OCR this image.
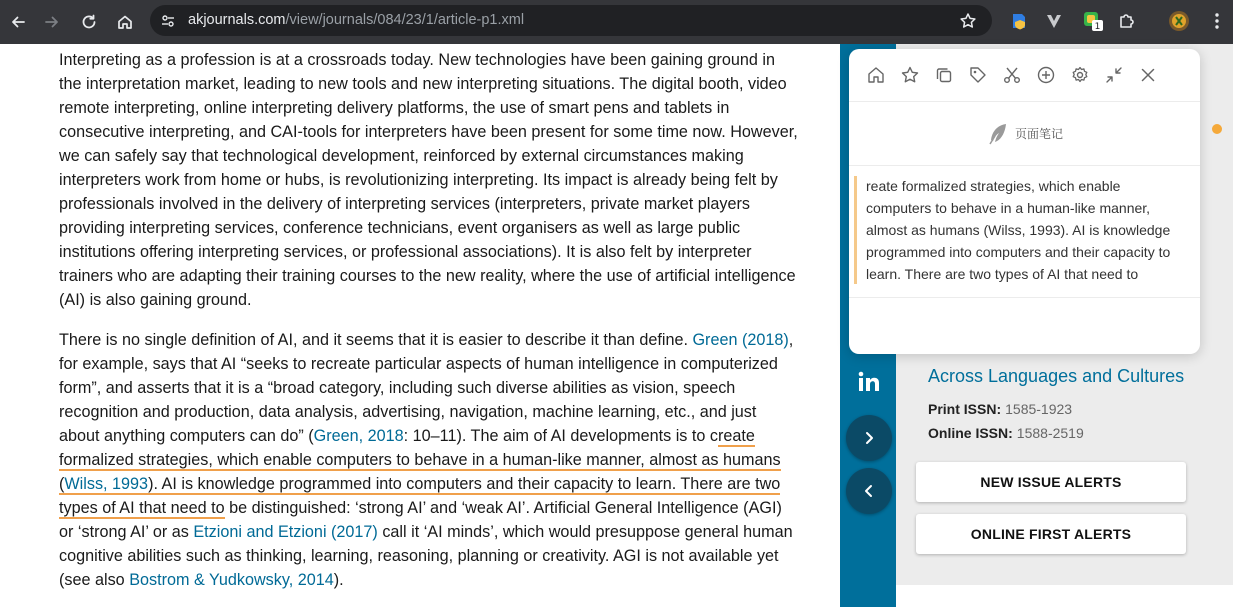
akjournals.com/view/journals/084/23/1/article-p1.xml	1

Interpreting as a profession is at a crossroads today. New technologies have been gaining ground in the interpretation market, leading to new tools and new interpreting situations. The digital booth, video remote interpreting, online interpreting delivery platforms, the use of smart pens and tablets in consecutive interpreting, and CAI-tools for interpreters have been present for some time now. However, we can safely say that technological development, reinforced by external circumstances making interpreters work from home or hubs, is revolutionizing interpreting. Its impact is already being felt by professionals involved in the delivery of interpreting services (interpreters, private market players providing interpreting services, conference technicians, event organisers as well as large public institutions offering interpreting services, or professional associations). It is also felt by interpreter trainers who are adapting their training courses to the new reality, where the use of artificial intelligence (AI) is also gaining ground.

There is no single definition of AI, and it seems that it is easier to describe it than define. Green (2018), for example, says that AI “seeks to recreate particular aspects of human intelligence in computerized form”, and asserts that it is a “broad category, including such diverse abilities as vision, speech recognition and production, data analysis, advertising, navigation, machine learning, etc., and just about anything computers can do” (Green, 2018: 10–11). The aim of AI developments is to create formalized strategies, which enable computers to behave in a human-like manner, almost as humans (Wilss, 1993). AI is knowledge programmed into computers and their capacity to learn. There are two types of AI that need to be distinguished: ‘strong AI’ and ‘weak AI’. Artificial General Intelligence (AGI) or ‘strong AI’ or as Etzioni and Etzioni (2017) call it ‘AI minds’, which would presuppose general human cognitive abilities such as thinking, learning, reasoning, planning or creativity. AGI is not available yet (see also Bostrom & Yudkowsky, 2014).

Across Languages and Cultures
Print ISSN: 1585-1923
Online ISSN: 1588-2519
NEW ISSUE ALERTS
ONLINE FIRST ALERTS
页面笔记
reate formalized strategies, which enable computers to behave in a human-like manner, almost as humans (Wilss, 1993). AI is knowledge programmed into computers and their capacity to learn. There are two types of AI that need to
